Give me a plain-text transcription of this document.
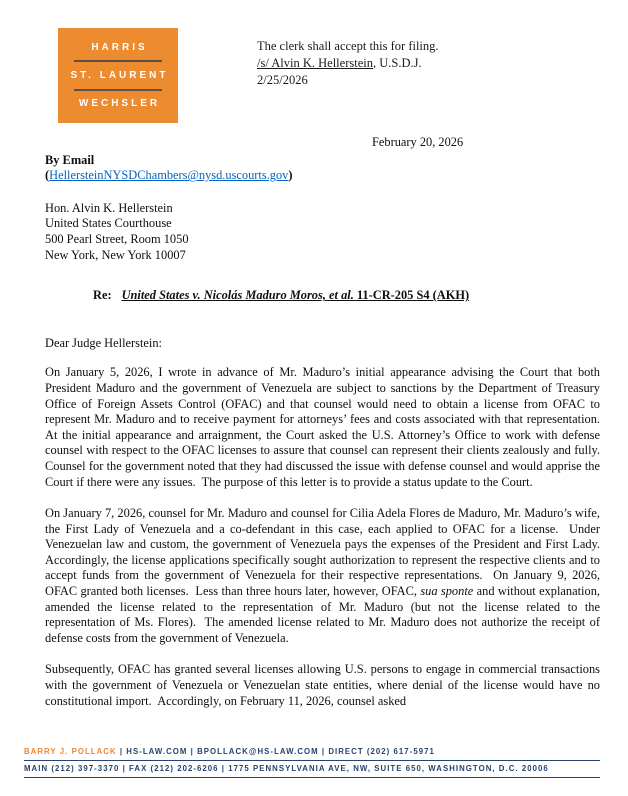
HARRIS
ST. LAURENT
WECHSLER
The clerk shall accept this for filing.
/s/ Alvin K. Hellerstein, U.S.D.J.
2/25/2026
February 20, 2026
By Email
(HellersteinNYSDChambers@nysd.uscourts.gov)
Hon. Alvin K. Hellerstein
United States Courthouse
500 Pearl Street, Room 1050
New York, New York 10007
Re: United States v. Nicolás Maduro Moros, et al. 11-CR-205 S4 (AKH)
Dear Judge Hellerstein:
On January 5, 2026, I wrote in advance of Mr. Maduro’s initial appearance advising the Court that both President Maduro and the government of Venezuela are subject to sanctions by the Department of Treasury Office of Foreign Assets Control (OFAC) and that counsel would need to obtain a license from OFAC to represent Mr. Maduro and to receive payment for attorneys’ fees and costs associated with that representation.  At the initial appearance and arraignment, the Court asked the U.S. Attorney’s Office to work with defense counsel with respect to the OFAC licenses to assure that counsel can represent their clients zealously and fully.  Counsel for the government noted that they had discussed the issue with defense counsel and would apprise the Court if there were any issues.  The purpose of this letter is to provide a status update to the Court.
On January 7, 2026, counsel for Mr. Maduro and counsel for Cilia Adela Flores de Maduro, Mr. Maduro’s wife, the First Lady of Venezuela and a co-defendant in this case, each applied to OFAC for a license.  Under Venezuelan law and custom, the government of Venezuela pays the expenses of the President and First Lady.  Accordingly, the license applications specifically sought authorization to represent the respective clients and to accept funds from the government of Venezuela for their respective representations.  On January 9, 2026, OFAC granted both licenses.  Less than three hours later, however, OFAC, sua sponte and without explanation, amended the license related to the representation of Mr. Maduro (but not the license related to the representation of Ms. Flores).  The amended license related to Mr. Maduro does not authorize the receipt of defense costs from the government of Venezuela.
Subsequently, OFAC has granted several licenses allowing U.S. persons to engage in commercial transactions with the government of Venezuela or Venezuelan state entities, where denial of the license would have no constitutional import.  Accordingly, on February 11, 2026, counsel asked
BARRY J. POLLACK | HS-LAW.COM | BPOLLACK@HS-LAW.COM | DIRECT (202) 617-5971
MAIN (212) 397-3370 | FAX (212) 202-6206 | 1775 PENNSYLVANIA AVE, NW, SUITE 650, WASHINGTON, D.C. 20006
